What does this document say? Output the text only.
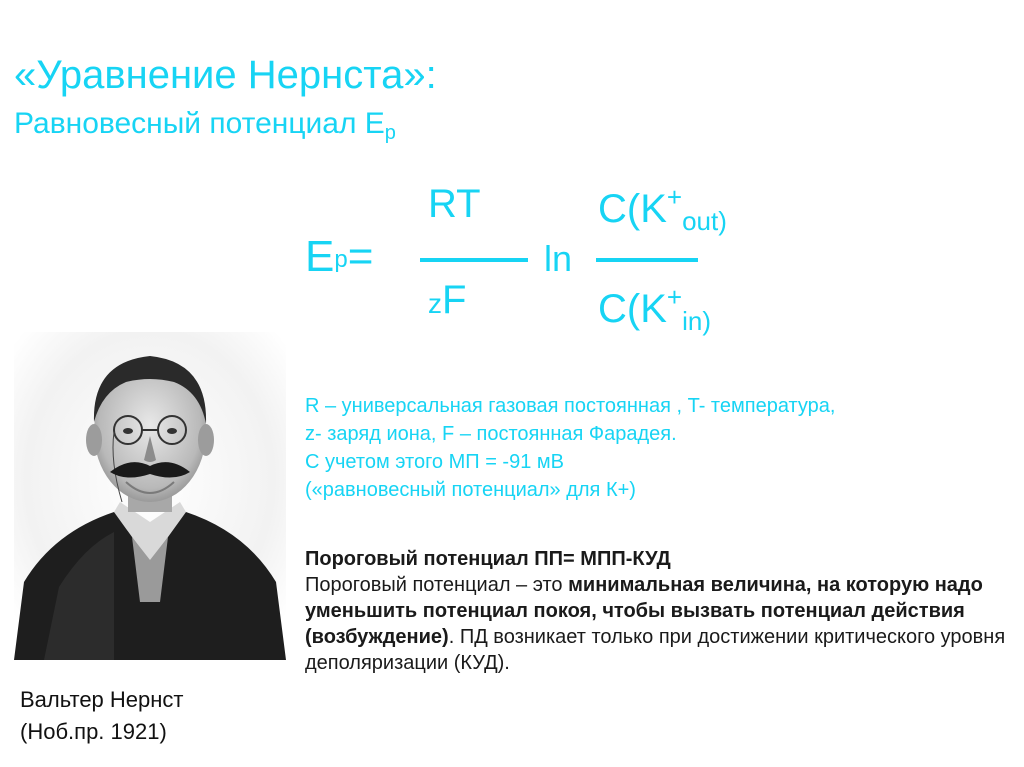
«Уравнение Нернста»:
Равновесный потенциал $E_p$
$E_p=$
RT
zF
ln
$C(K^+_{out)}$
$C(K^+_{in)}$
R – универсальная газовая постоянная , T- температура,
z- заряд иона, F – постоянная Фарадея.
С учетом этого МП = -91 мВ
(«равновесный потенциал» для К+)
Пороговый потенциал ПП= МПП-КУД
Пороговый потенциал – это минимальная величина, на которую надо уменьшить потенциал покоя, чтобы вызвать потенциал действия (возбуждение). ПД возникает только при достижении критического уровня деполяризации (КУД).
Вальтер Нернст
(Ноб.пр. 1921)
